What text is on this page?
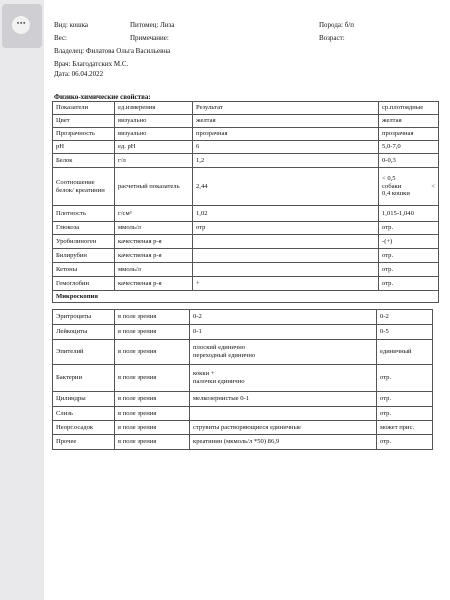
⋯	Вид: кошка	Питомец: Лиза	Порода: б/п
Вес:	Примечание:	Возраст:
Владелец: Филатова Ольга Васильевна
Врач: Благодатских М.С.
Дата: 06.04.2022
Физико-химические свойства:
Показатели	ед.измерения	Результат	ср.плотоядные
Цвет	визуально	желтая	желтая
Прозрачность	визуально	прозрачная	прозрачная
pH	ед. pH	6	5,0-7,0
Белок	г/л	1,2	0-0,3
Соотношение белок/ креатинин	расчетный показатель	2,44	< 0,5
собаки <
0,4 кошки

Плотность	г/см³	1,02	1,015-1,040
Глюкоза	ммоль/л	отр	отр.
Уробилиноген	качественая р-я		-(+)
Билирубин	качественая р-я		отр.
Кетоны	ммоль/л		отр.
Гемоглобин	качественая р-я	+	отр.
Микроскопия			
Эритроциты	в поле зрения	0-2	0-2
Лейкоциты	в поле зрения	0-1	0-5
Эпителий	в поле зрения	плоский единично
переходный единично	единичный
Бактерии	в поле зрения	кокки +
палочки единично	отр.
Цилиндры	в поле зрения	мелкозернистые 0-1	отр.
Слизь	в поле зрения		отр.
Неорг.осадок	в поле зрения	струвиты растворяющиеся единичные	может прис.
Прочее	в поле зрения	креатинин (мкмоль/л *50) 86,9	отр.
